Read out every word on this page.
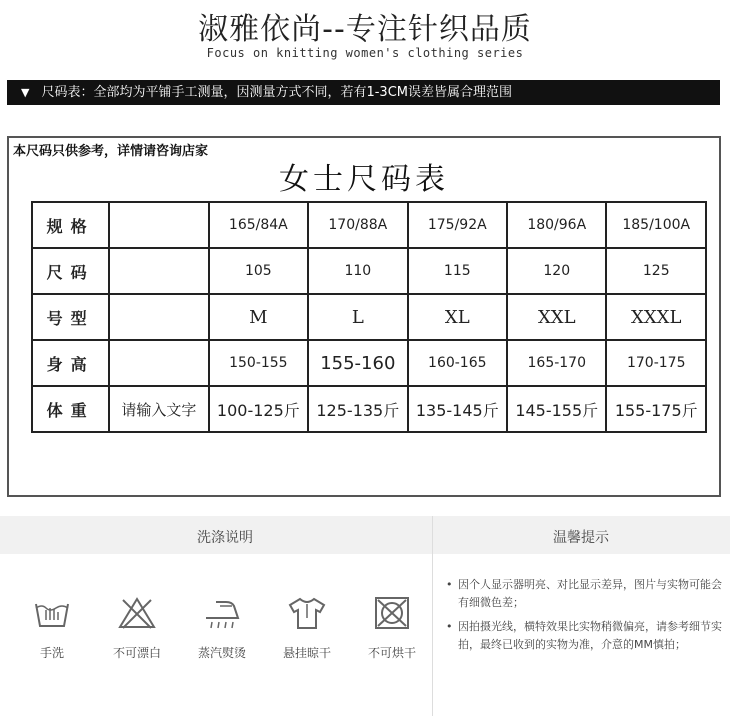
淑雅依尚--专注针织品质
Focus on knitting women's clothing series
▼ 尺码表：全部均为平铺手工测量，因测量方式不同，若有1-3CM误差皆属合理范围
本尺码只供参考，详情请咨询店家
女士尺码表
规格		165/84A	170/88A	175/92A	180/96A	185/100A
尺码		105	110	115	120	125
号型		M	L	XL	XXL	XXXL
身高		150-155	155-160	160-165	165-170	170-175
体重	请输入文字	100-125斤	125-135斤	135-145斤	145-155斤	155-175斤
洗涤说明	温馨提示
手洗	不可漂白	蒸汽熨烫	悬挂晾干	不可烘干
• 因个人显示器明亮、对比显示差异，图片与实物可能会有细微色差；
• 因拍摄光线，横特效果比实物稍微偏亮，请参考细节实拍，最终已收到的实物为准，介意的MM慎拍；
